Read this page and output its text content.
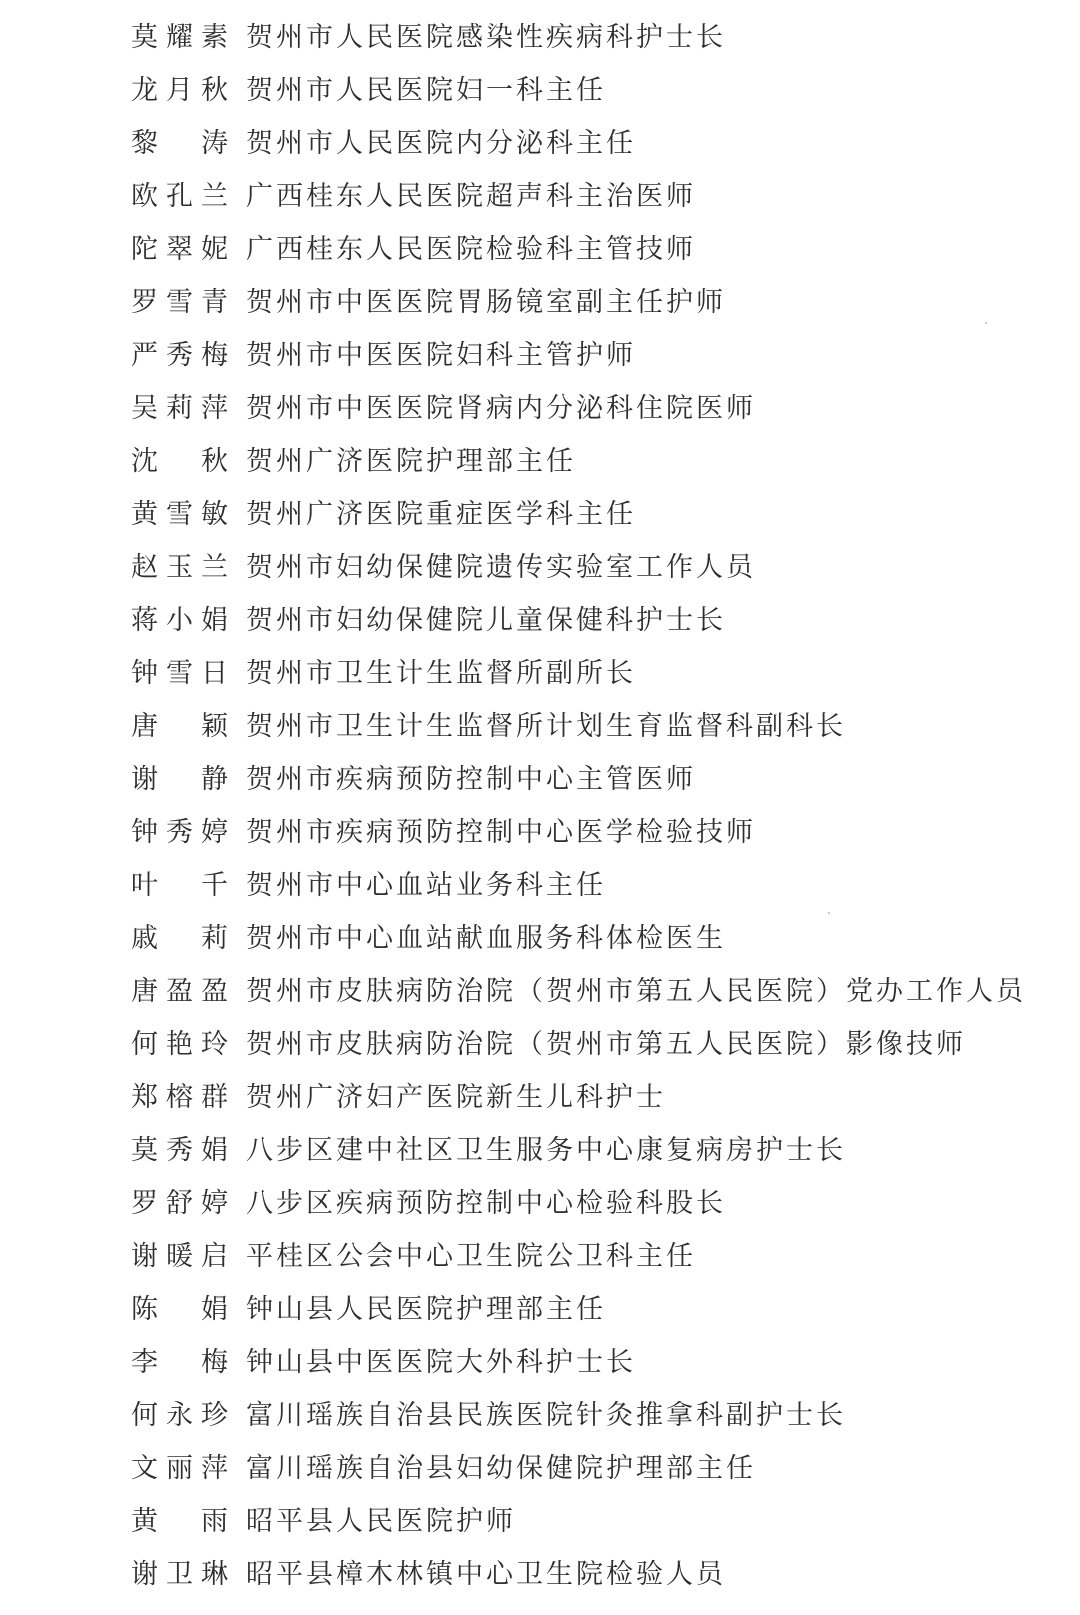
莫 耀 素 贺州市人民医院感染性疾病科护士长
龙 月 秋 贺州市人民医院妇一科主任
黎 涛 贺州市人民医院内分泌科主任
欧 孔 兰 广西桂东人民医院超声科主治医师
陀 翠 妮 广西桂东人民医院检验科主管技师
罗 雪 青 贺州市中医医院胃肠镜室副主任护师
严 秀 梅 贺州市中医医院妇科主管护师
吴 莉 萍 贺州市中医医院肾病内分泌科住院医师
沈 秋 贺州广济医院护理部主任
黄 雪 敏 贺州广济医院重症医学科主任
赵 玉 兰 贺州市妇幼保健院遗传实验室工作人员
蒋 小 娟 贺州市妇幼保健院儿童保健科护士长
钟 雪 日 贺州市卫生计生监督所副所长
唐 颖 贺州市卫生计生监督所计划生育监督科副科长
谢 静 贺州市疾病预防控制中心主管医师
钟 秀 婷 贺州市疾病预防控制中心医学检验技师
叶 千 贺州市中心血站业务科主任
戚 莉 贺州市中心血站献血服务科体检医生
唐 盈 盈 贺州市皮肤病防治院（贺州市第五人民医院）党办工作人员
何 艳 玲 贺州市皮肤病防治院（贺州市第五人民医院）影像技师
郑 榕 群 贺州广济妇产医院新生儿科护士
莫 秀 娟 八步区建中社区卫生服务中心康复病房护士长
罗 舒 婷 八步区疾病预防控制中心检验科股长
谢 暖 启 平桂区公会中心卫生院公卫科主任
陈 娟 钟山县人民医院护理部主任
李 梅 钟山县中医医院大外科护士长
何 永 珍 富川瑶族自治县民族医院针灸推拿科副护士长
文 丽 萍 富川瑶族自治县妇幼保健院护理部主任
黄 雨 昭平县人民医院护师
谢 卫 琳 昭平县樟木林镇中心卫生院检验人员
